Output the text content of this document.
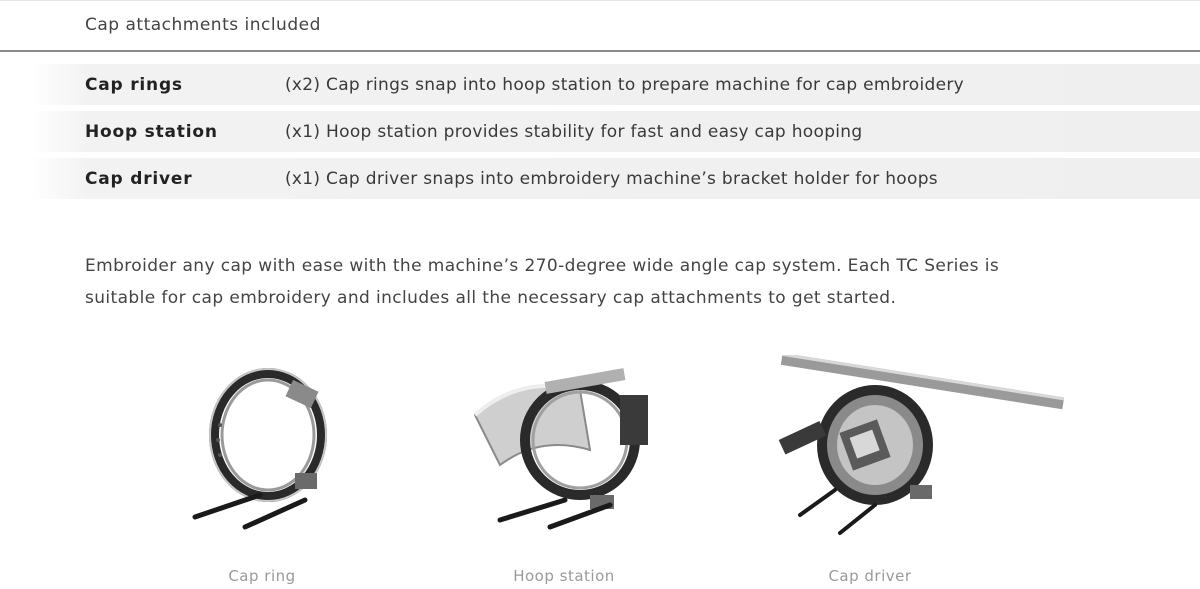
Cap attachments included
Cap rings	(x2) Cap rings snap into hoop station to prepare machine for cap embroidery
Hoop station	(x1) Hoop station provides stability for fast and easy cap hooping
Cap driver	(x1) Cap driver snaps into embroidery machine’s bracket holder for hoops
Embroider any cap with ease with the machine’s 270-degree wide angle cap system. Each TC Series is
suitable for cap embroidery and includes all the necessary cap attachments to get started.
Cap ring	Hoop station	Cap driver
